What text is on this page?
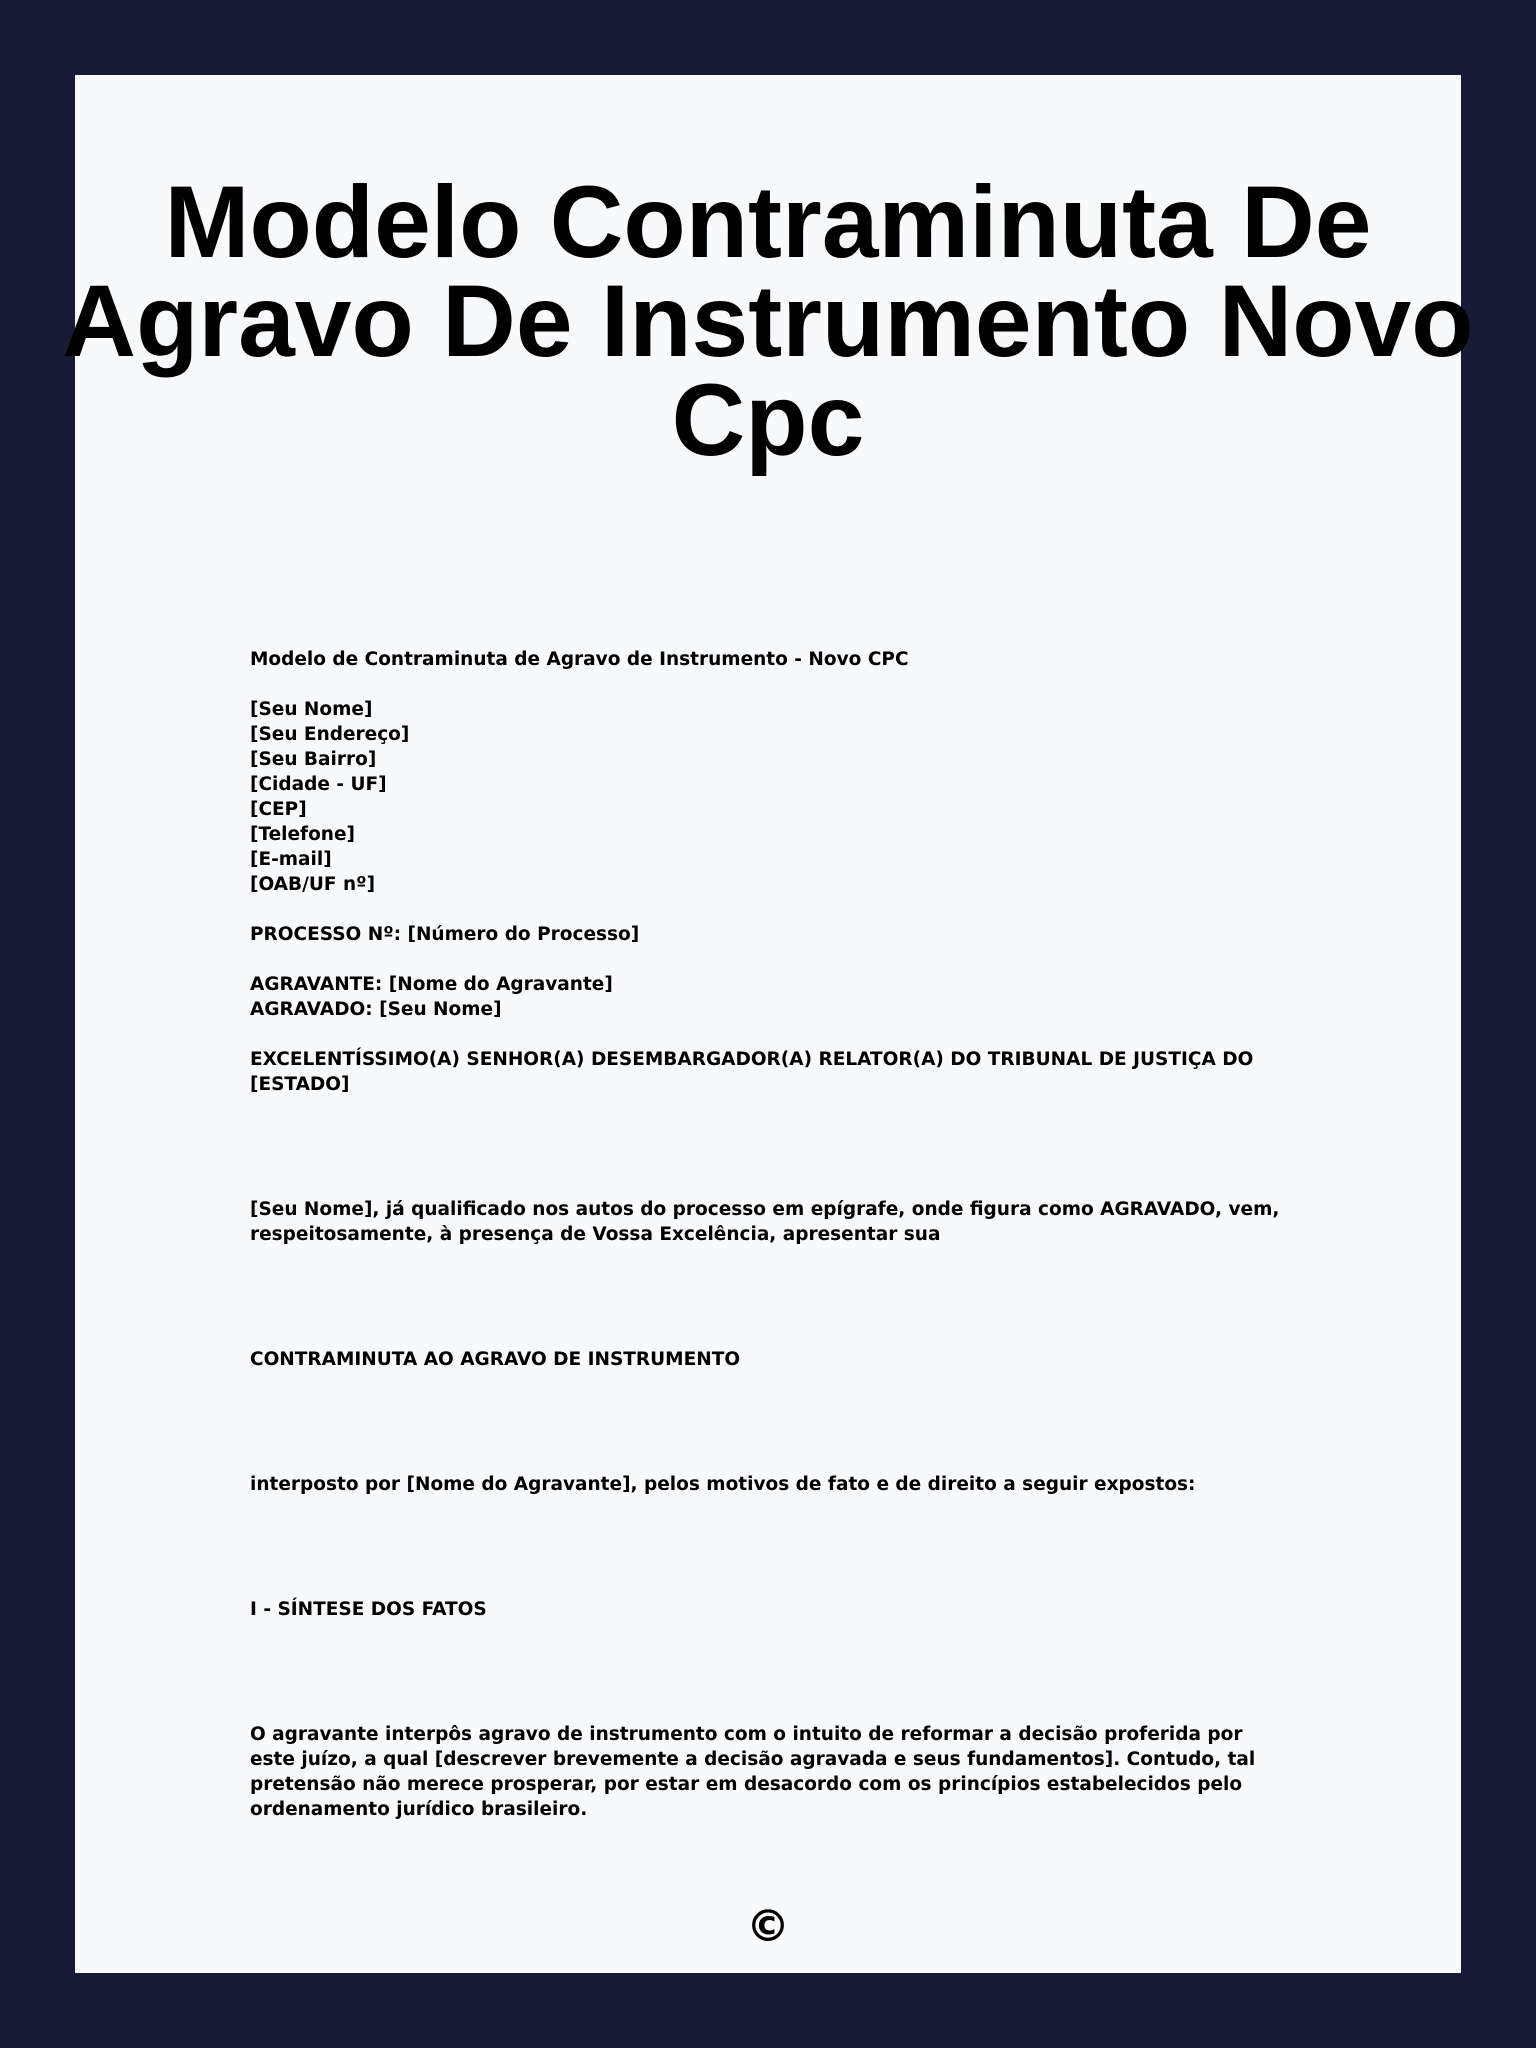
Modelo Contraminuta De Agravo De Instrumento Novo Cpc
Modelo de Contraminuta de Agravo de Instrumento - Novo CPC
[Seu Nome]
[Seu Endereço]
[Seu Bairro]
[Cidade - UF]
[CEP]
[Telefone]
[E-mail]
[OAB/UF nº]
PROCESSO Nº: [Número do Processo]
AGRAVANTE: [Nome do Agravante]
AGRAVADO: [Seu Nome]
EXCELENTÍSSIMO(A) SENHOR(A) DESEMBARGADOR(A) RELATOR(A) DO TRIBUNAL DE JUSTIÇA DO [ESTADO]
[Seu Nome], já qualificado nos autos do processo em epígrafe, onde figura como AGRAVADO, vem, respeitosamente, à presença de Vossa Excelência, apresentar sua
CONTRAMINUTA AO AGRAVO DE INSTRUMENTO
interposto por [Nome do Agravante], pelos motivos de fato e de direito a seguir expostos:
I - SÍNTESE DOS FATOS
O agravante interpôs agravo de instrumento com o intuito de reformar a decisão proferida por este juízo, a qual [descrever brevemente a decisão agravada e seus fundamentos]. Contudo, tal pretensão não merece prosperar, por estar em desacordo com os princípios estabelecidos pelo ordenamento jurídico brasileiro.
©
